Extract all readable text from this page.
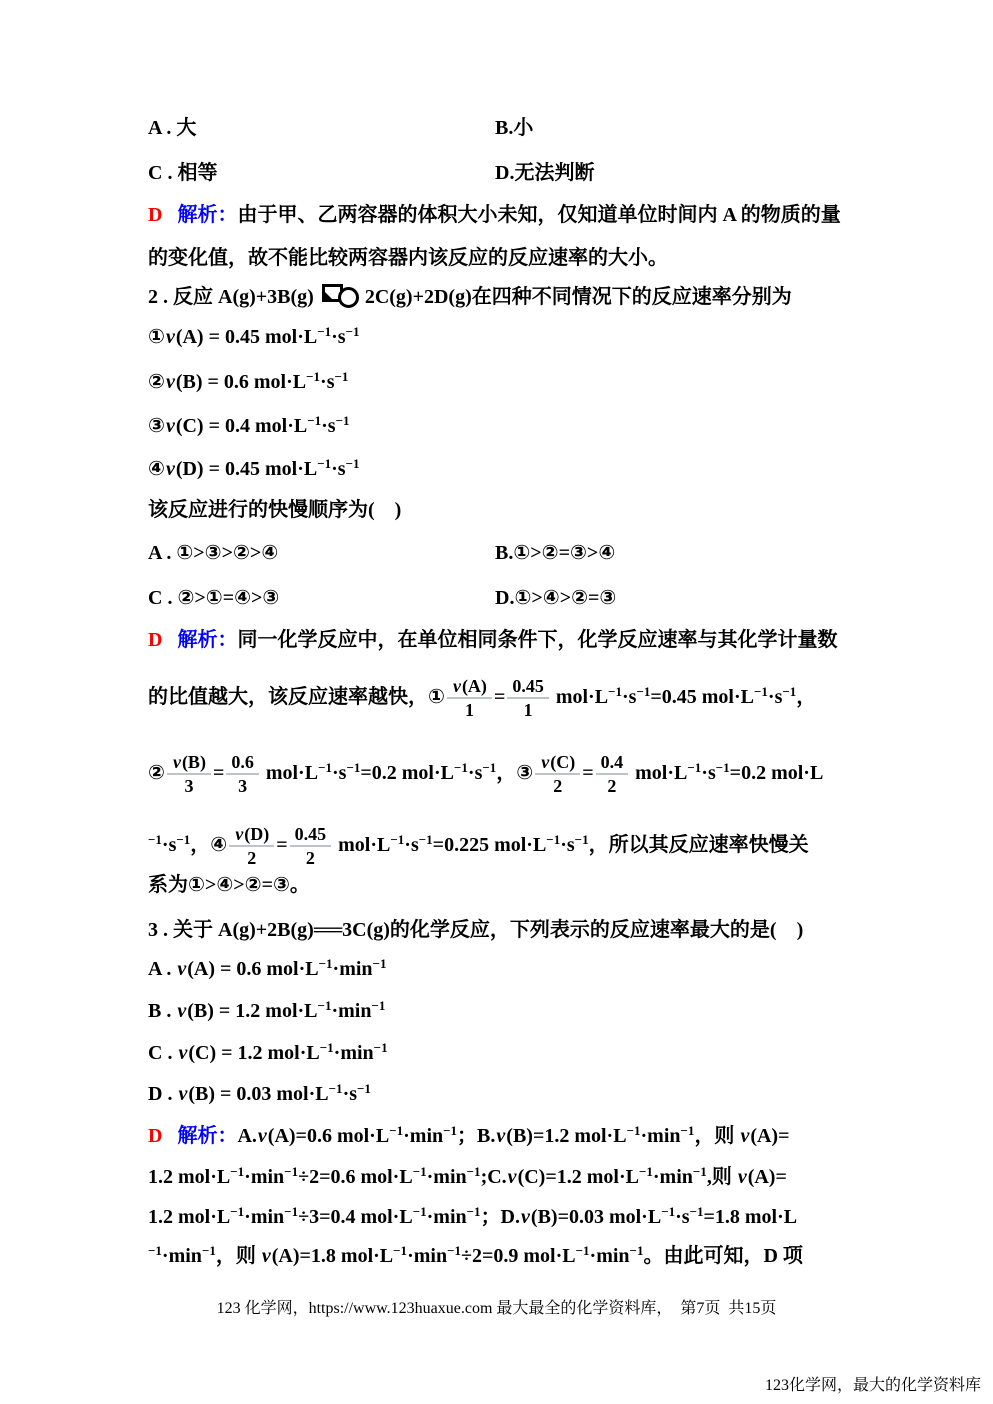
A . 大	B.小
C . 相等	D.无法判断
D 解析：由于甲、乙两容器的体积大小未知，仅知道单位时间内 A 的物质的量
的变化值，故不能比较两容器内该反应的反应速率的大小。
2 . 反应 A(g)+3B(g)
2C(g)+2D(g)在四种不同情况下的反应速率分别为
①v(A) = 0.45 $mol\cdot L^{-1}\cdot s^{-1}$
②v(B) = 0.6 $mol\cdot L^{-1}\cdot s^{-1}$
③v(C) = 0.4 $mol\cdot L^{-1}\cdot s^{-1}$
④v(D) = 0.45 $mol\cdot L^{-1}\cdot s^{-1}$
该反应进行的快慢顺序为(    )
A . ①>③>②>④	B.①>②=③>④
C . ②>①=④>③	D.①>④>②=③
D 解析：同一化学反应中，在单位相同条件下，化学反应速率与其化学计量数
的比值越大，该反应速率越快，① $\frac{v(A)}{1} = \frac{0.45}{1} mol\cdot L^{-1}\cdot s^{-1}=0.45$ $mol\cdot L^{-1}\cdot s^{-1}$，
② $\frac{v(B)}{3} = \frac{0.6}{3} mol\cdot L^{-1}\cdot s^{-1}=0.2$ $mol\cdot L^{-1}\cdot s^{-1}$，③ $\frac{v(C)}{2} = \frac{0.4}{2} mol\cdot L^{-1}\cdot s^{-1}=0.2$ mol·L
$^{-1}\cdot s^{-1}$，④ $\frac{v(D)}{2} = \frac{0.45}{2} mol\cdot L^{-1}\cdot s^{-1}=0.225$ $mol\cdot L^{-1}\cdot s^{-1}$，所以其反应速率快慢关
系为①>④>②=③。
3 . 关于 A(g)+2B(g)══3C(g)的化学反应，下列表示的反应速率最大的是(    )
A . v(A) = 0.6 $mol\cdot L^{-1}\cdot\min^{-1}$
B . v(B) = 1.2 $mol\cdot L^{-1}\cdot\min^{-1}$
C . v(C) = 1.2 $mol\cdot L^{-1}\cdot\min^{-1}$
D . v(B) = 0.03 $mol\cdot L^{-1}\cdot s^{-1}$
D 解析：A.v(A)=0.6 $mol\cdot L^{-1}\cdot\min^{-1}$；B.v(B)=1.2 $mol\cdot L^{-1}\cdot\min^{-1}$，则 v(A)=
1.2 $mol\cdot L^{-1}\cdot\min^{-1}\div 2=0.6$ $mol\cdot L^{-1}\cdot\min^{-1};C.v(C)=1.2$ $mol\cdot L^{-1}\cdot\min^{-1}$,则 v(A)=
1.2 $mol\cdot L^{-1}\cdot\min^{-1}\div 3=0.4$ $mol\cdot L^{-1}\cdot\min^{-1}$；D.v(B)=0.03 $mol\cdot L^{-1}\cdot s^{-1}=1.8$ mol·L
$^{-1}\cdot\min^{-1}$，则 v(A)=1.8 $mol\cdot L^{-1}\cdot\min^{-1}\div 2=0.9$ $mol\cdot L^{-1}\cdot\min^{-1}$。由此可知，D 项
123 化学网，https://www.123huaxue.com 最大最全的化学资料库，  第7页  共15页
123化学网，最大的化学资料库
